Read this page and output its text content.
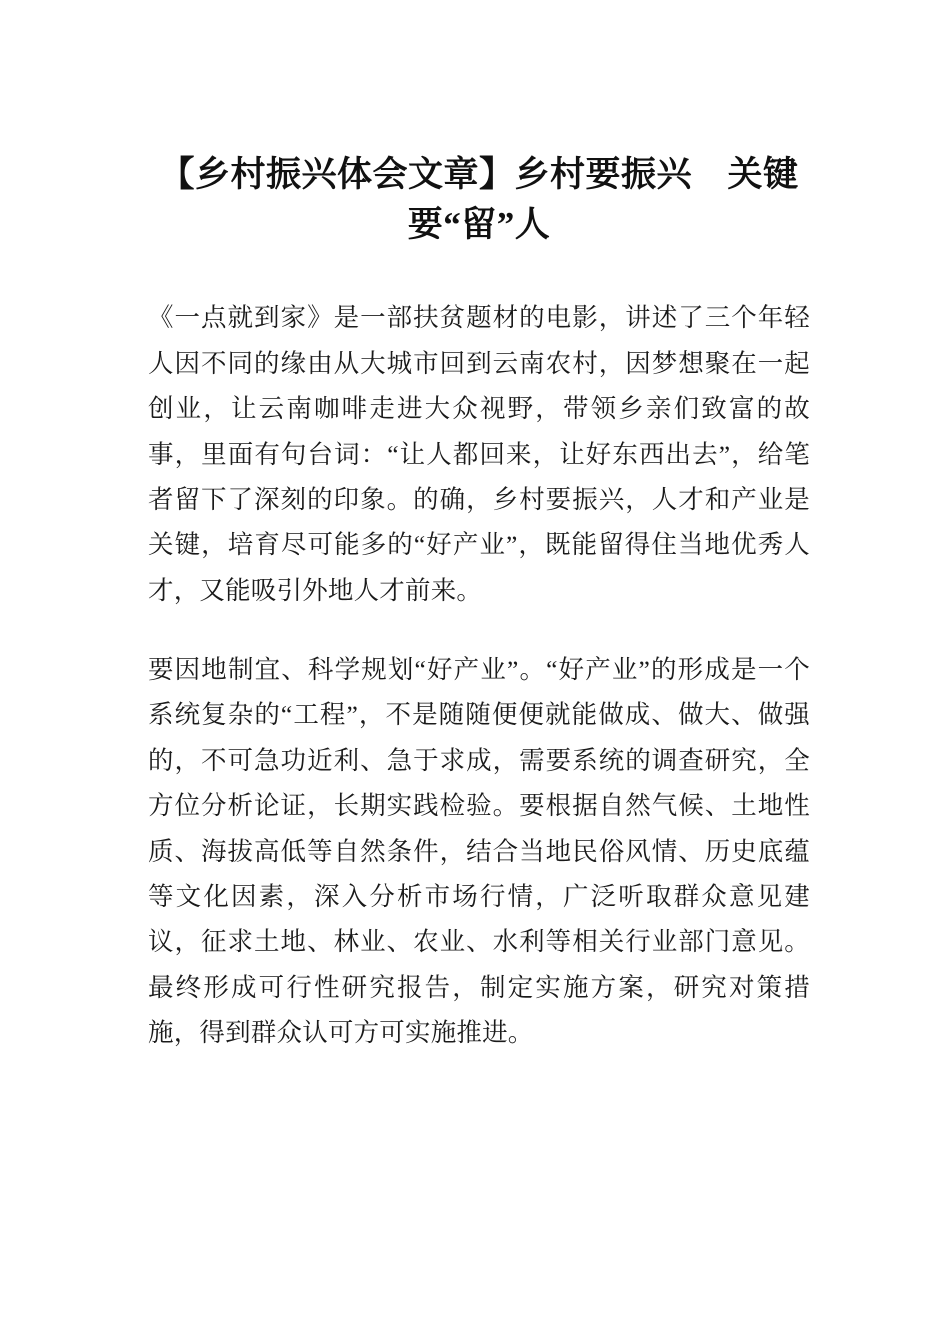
【乡村振兴体会文章】乡村要振兴　关键要“留”人

《一点就到家》是一部扶贫题材的电影，讲述了三个年轻人因不同的缘由从大城市回到云南农村，因梦想聚在一起创业，让云南咖啡走进大众视野，带领乡亲们致富的故事，里面有句台词：“让人都回来，让好东西出去”，给笔者留下了深刻的印象。的确，乡村要振兴，人才和产业是关键，培育尽可能多的“好产业”，既能留得住当地优秀人才，又能吸引外地人才前来。

要因地制宜、科学规划“好产业”。“好产业”的形成是一个系统复杂的“工程”，不是随随便便就能做成、做大、做强的，不可急功近利、急于求成，需要系统的调查研究，全方位分析论证，长期实践检验。要根据自然气候、土地性质、海拔高低等自然条件，结合当地民俗风情、历史底蕴等文化因素，深入分析市场行情，广泛听取群众意见建议，征求土地、林业、农业、水利等相关行业部门意见。最终形成可行性研究报告，制定实施方案，研究对策措施，得到群众认可方可实施推进。
